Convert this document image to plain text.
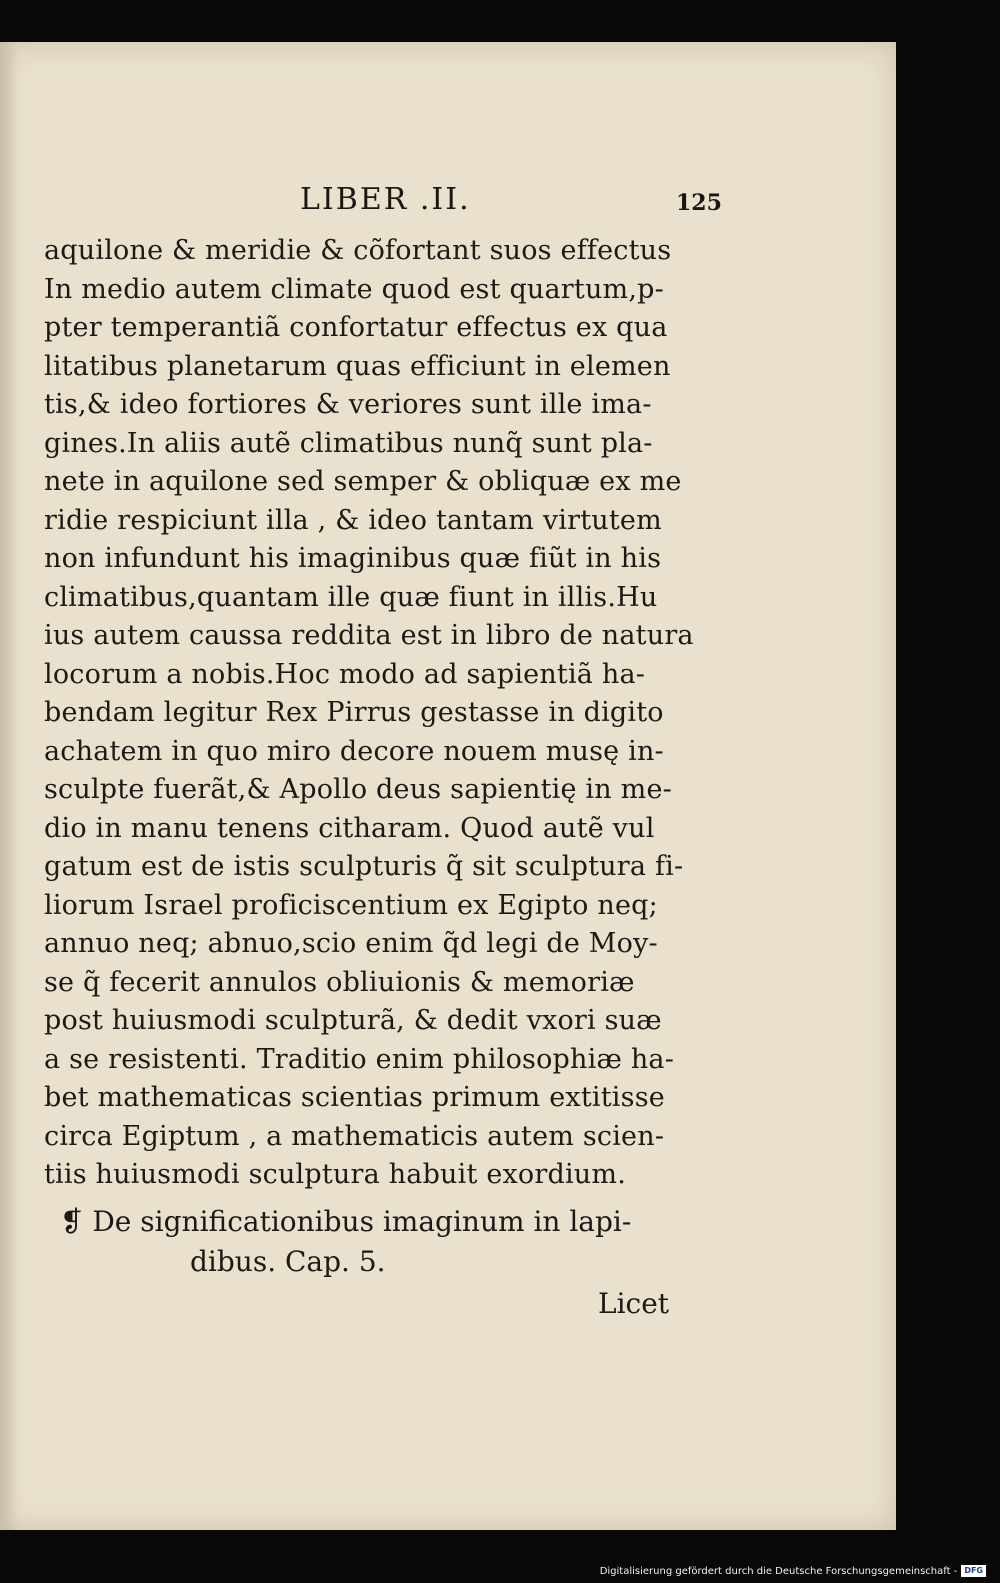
LIBER .II.	125
aquilone & meridie & cõfortant suos effectus
In medio autem climate quod est quartum,p-
pter temperantiã confortatur effectus ex qua
litatibus planetarum quas efficiunt in elemen
tis,& ideo fortiores & veriores sunt ille ima-
gines.In aliis autẽ climatibus nunq̃ sunt pla-
nete in aquilone sed semper & obliquæ ex me
ridie respiciunt illa , & ideo tantam virtutem
non infundunt his imaginibus quæ fiũt in his
climatibus,quantam ille quæ fiunt in illis.Hu
ius autem caussa reddita est in libro de natura
locorum a nobis.Hoc modo ad sapientiã ha-
bendam legitur Rex Pirrus gestasse in digito
achatem in quo miro decore nouem musę in-
sculpte fuerãt,& Apollo deus sapientię in me-
dio in manu tenens citharam. Quod autẽ vul
gatum est de istis sculpturis q̃ sit sculptura fi-
liorum Israel proficiscentium ex Egipto neq;
annuo neq; abnuo,scio enim q̃d legi de Moy-
se q̃ fecerit annulos obliuionis & memoriæ
post huiusmodi sculpturã, & dedit vxori suæ
a se resistenti. Traditio enim philosophiæ ha-
bet mathematicas scientias primum extitisse
circa Egiptum , a mathematicis autem scien-
tiis huiusmodi sculptura habuit exordium.
❡ De significationibus imaginum in lapi-
dibus. Cap. 5.
Licet
Digitalisierung gefördert durch die Deutsche Forschungsgemeinschaft - DFG
